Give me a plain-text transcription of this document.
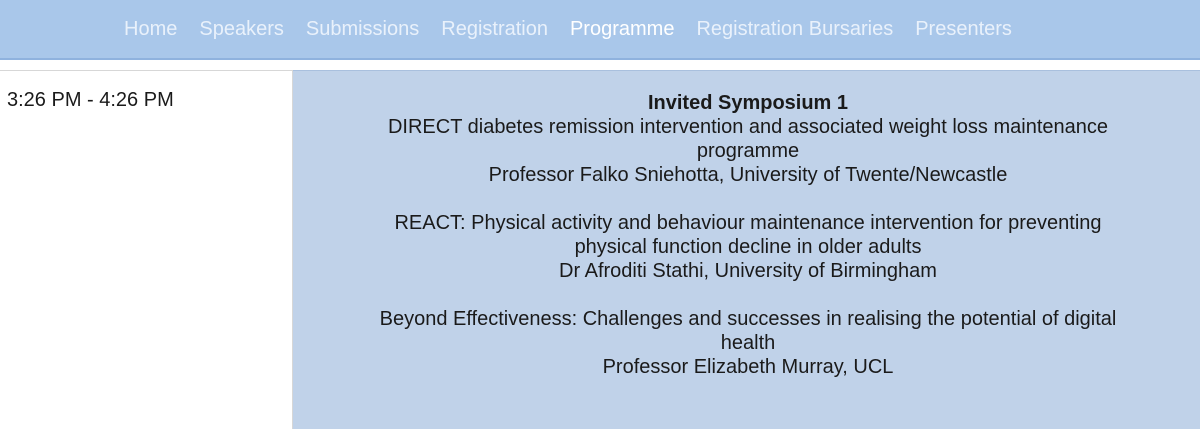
Home Speakers Submissions Registration Programme Registration Bursaries Presenters
3:26 PM - 4:26 PM	Invited Symposium 1
DIRECT diabetes remission intervention and associated weight loss maintenance
programme
Professor Falko Sniehotta, University of Twente/Newcastle
REACT: Physical activity and behaviour maintenance intervention for preventing
physical function decline in older adults
Dr Afroditi Stathi, University of Birmingham
Beyond Effectiveness: Challenges and successes in realising the potential of digital
health
Professor Elizabeth Murray, UCL
